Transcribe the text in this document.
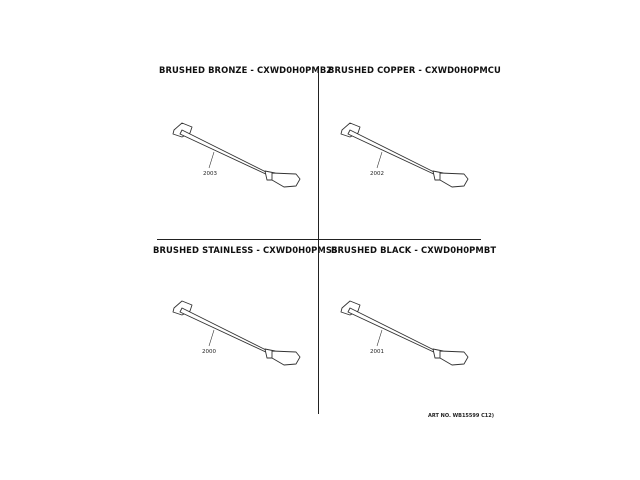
BRUSHED BRONZE - CXWD0H0PMBZ
2003
BRUSHED COPPER - CXWD0H0PMCU
2002
BRUSHED STAINLESS - CXWD0H0PMSS
2000
BRUSHED BLACK - CXWD0H0PMBT
2001
ART NO. WB15599 C12)
